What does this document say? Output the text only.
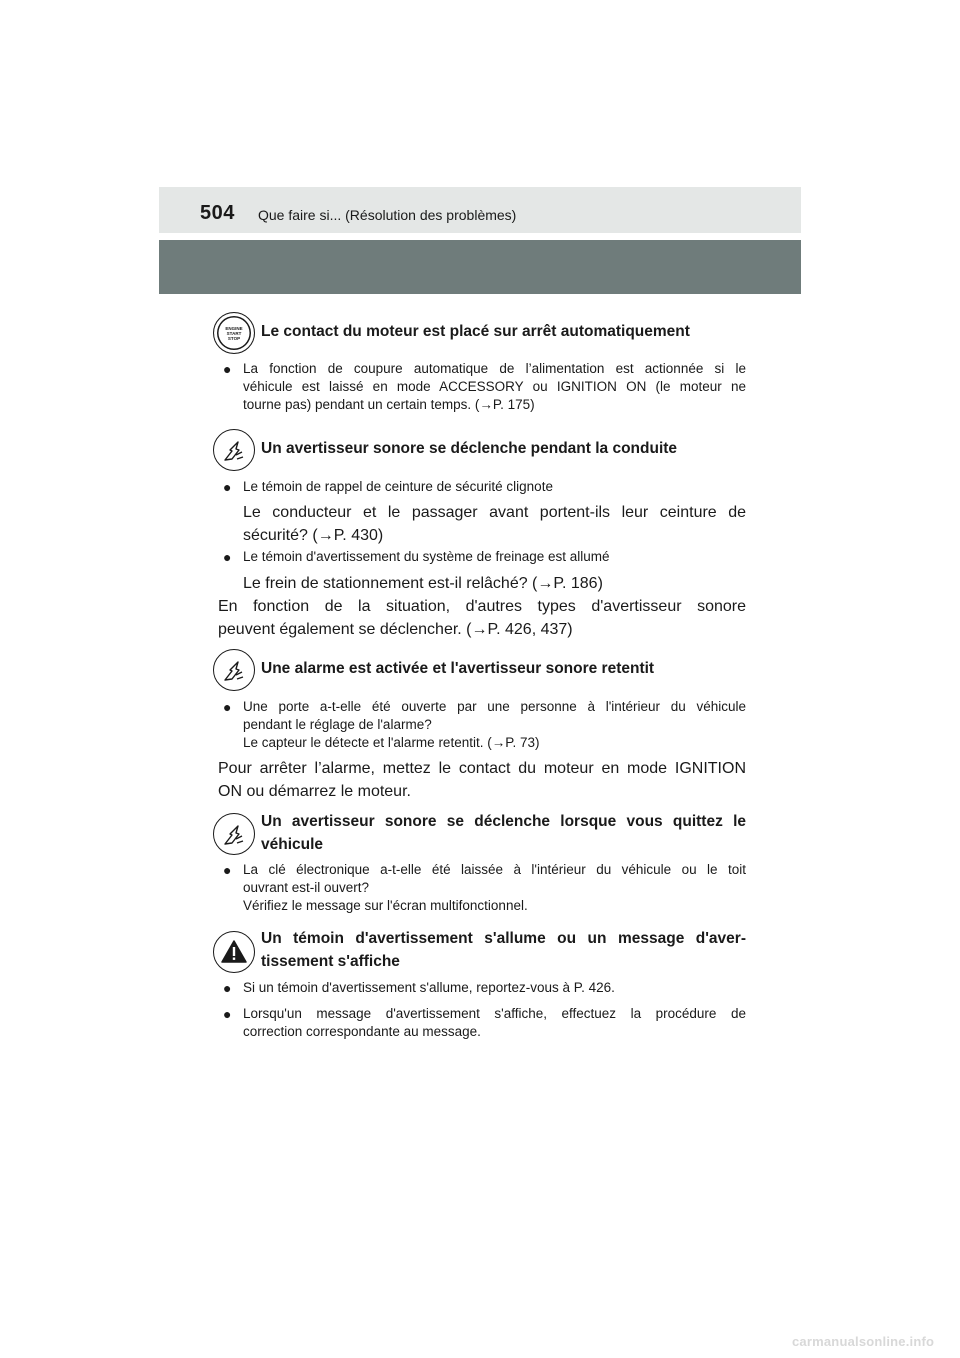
504 Que faire si... (Résolution des problèmes)
ENGINE START STOP	Le contact du moteur est placé sur arrêt automatiquement
● La fonction de coupure automatique de l’alimentation est actionnée si le
véhicule est laissé en mode ACCESSORY ou IGNITION ON (le moteur ne
tourne pas) pendant un certain temps. (→P. 175)
Un avertisseur sonore se déclenche pendant la conduite
● Le témoin de rappel de ceinture de sécurité clignote
Le conducteur et le passager avant portent-ils leur ceinture de
sécurité? (→P. 430)
● Le témoin d'avertissement du système de freinage est allumé
Le frein de stationnement est-il relâché? (→P. 186)
En fonction de la situation, d'autres types d'avertisseur sonore
peuvent également se déclencher. (→P. 426, 437)
Une alarme est activée et l'avertisseur sonore retentit
● Une porte a-t-elle été ouverte par une personne à l'intérieur du véhicule
pendant le réglage de l'alarme?
Le capteur le détecte et l'alarme retentit. (→P. 73)
Pour arrêter l’alarme, mettez le contact du moteur en mode IGNITION
ON ou démarrez le moteur.
Un avertisseur sonore se déclenche lorsque vous quittez le
véhicule
● La clé électronique a-t-elle été laissée à l'intérieur du véhicule ou le toit
ouvrant est-il ouvert?
Vérifiez le message sur l'écran multifonctionnel.
Un témoin d'avertissement s'allume ou un message d'aver-
tissement s'affiche
● Si un témoin d'avertissement s'allume, reportez-vous à P. 426.
● Lorsqu'un message d'avertissement s'affiche, effectuez la procédure de
correction correspondante au message.
carmanualsonline.info
